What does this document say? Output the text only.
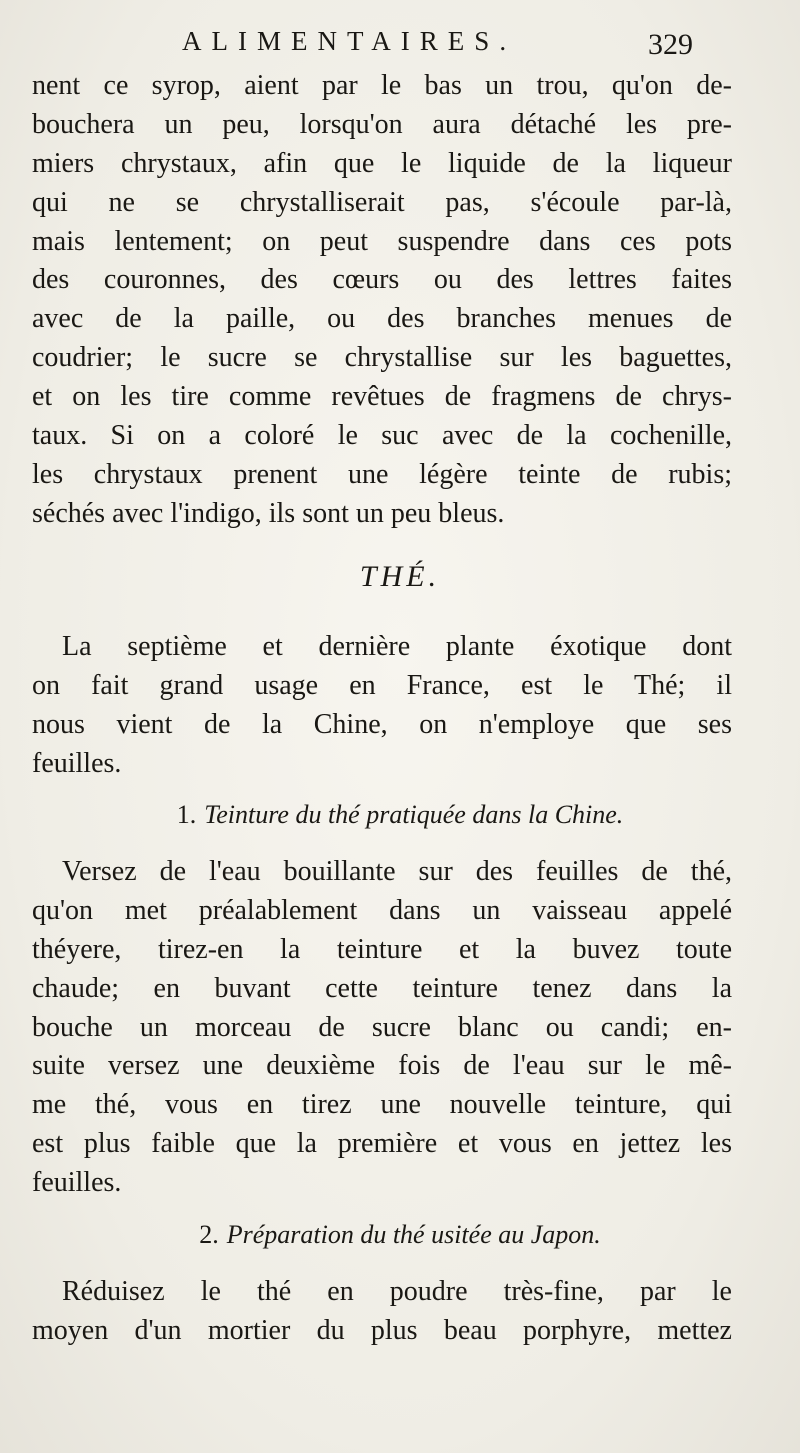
ALIMENTAIRES.	329
nent ce syrop, aient par le bas un trou, qu'on de-
bouchera un peu, lorsqu'on aura détaché les pre-
miers chrystaux, afin que le liquide de la liqueur
qui ne se chrystalliserait pas, s'écoule par-là,
mais lentement; on peut suspendre dans ces pots
des couronnes, des cœurs ou des lettres faites
avec de la paille, ou des branches menues de
coudrier; le sucre se chrystallise sur les baguettes,
et on les tire comme revêtues de fragmens de chrys-
taux. Si on a coloré le suc avec de la cochenille,
les chrystaux prenent une légère teinte de rubis;
séchés avec l'indigo, ils sont un peu bleus.
THÉ.
La septième et dernière plante éxotique dont
on fait grand usage en France, est le Thé; il
nous vient de la Chine, on n'employe que ses
feuilles.
1. Teinture du thé pratiquée dans la Chine.
Versez de l'eau bouillante sur des feuilles de thé,
qu'on met préalablement dans un vaisseau appelé
théyere, tirez-en la teinture et la buvez toute
chaude; en buvant cette teinture tenez dans la
bouche un morceau de sucre blanc ou candi; en-
suite versez une deuxième fois de l'eau sur le mê-
me thé, vous en tirez une nouvelle teinture, qui
est plus faible que la première et vous en jettez les
feuilles.
2. Préparation du thé usitée au Japon.
Réduisez le thé en poudre très-fine, par le
moyen d'un mortier du plus beau porphyre, mettez
